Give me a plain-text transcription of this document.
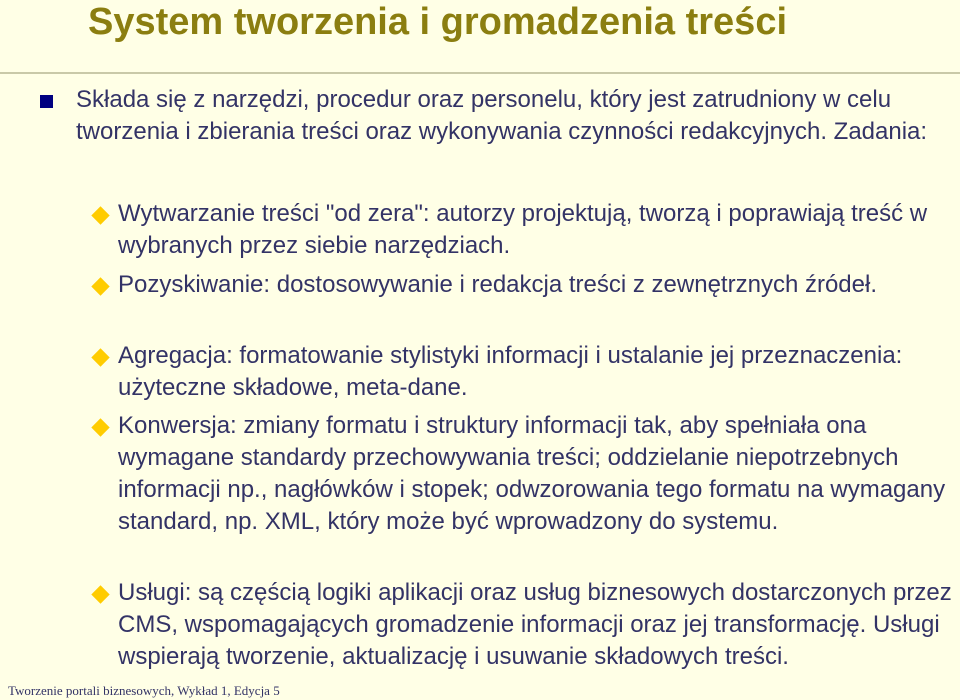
System tworzenia i gromadzenia treści
Składa się z narzędzi, procedur oraz personelu, który jest zatrudniony w celu tworzenia i zbierania treści oraz wykonywania czynności redakcyjnych. Zadania:
Wytwarzanie treści "od zera": autorzy projektują, tworzą i poprawiają treść w wybranych przez siebie narzędziach.
Pozyskiwanie: dostosowywanie i redakcja treści z zewnętrznych źródeł.
Agregacja: formatowanie stylistyki informacji i ustalanie jej przeznaczenia: użyteczne składowe, meta-dane.
Konwersja: zmiany formatu i struktury informacji tak, aby spełniała ona wymagane standardy przechowywania treści; oddzielanie niepotrzebnych informacji np., nagłówków i stopek; odwzorowania tego formatu na wymagany standard, np. XML, który może być wprowadzony do systemu.
Usługi: są częścią logiki aplikacji oraz usług biznesowych dostarczonych przez CMS, wspomagających gromadzenie informacji oraz jej transformację. Usługi wspierają tworzenie, aktualizację i usuwanie składowych treści.
Tworzenie portali biznesowych, Wykład 1, Edycja 5
